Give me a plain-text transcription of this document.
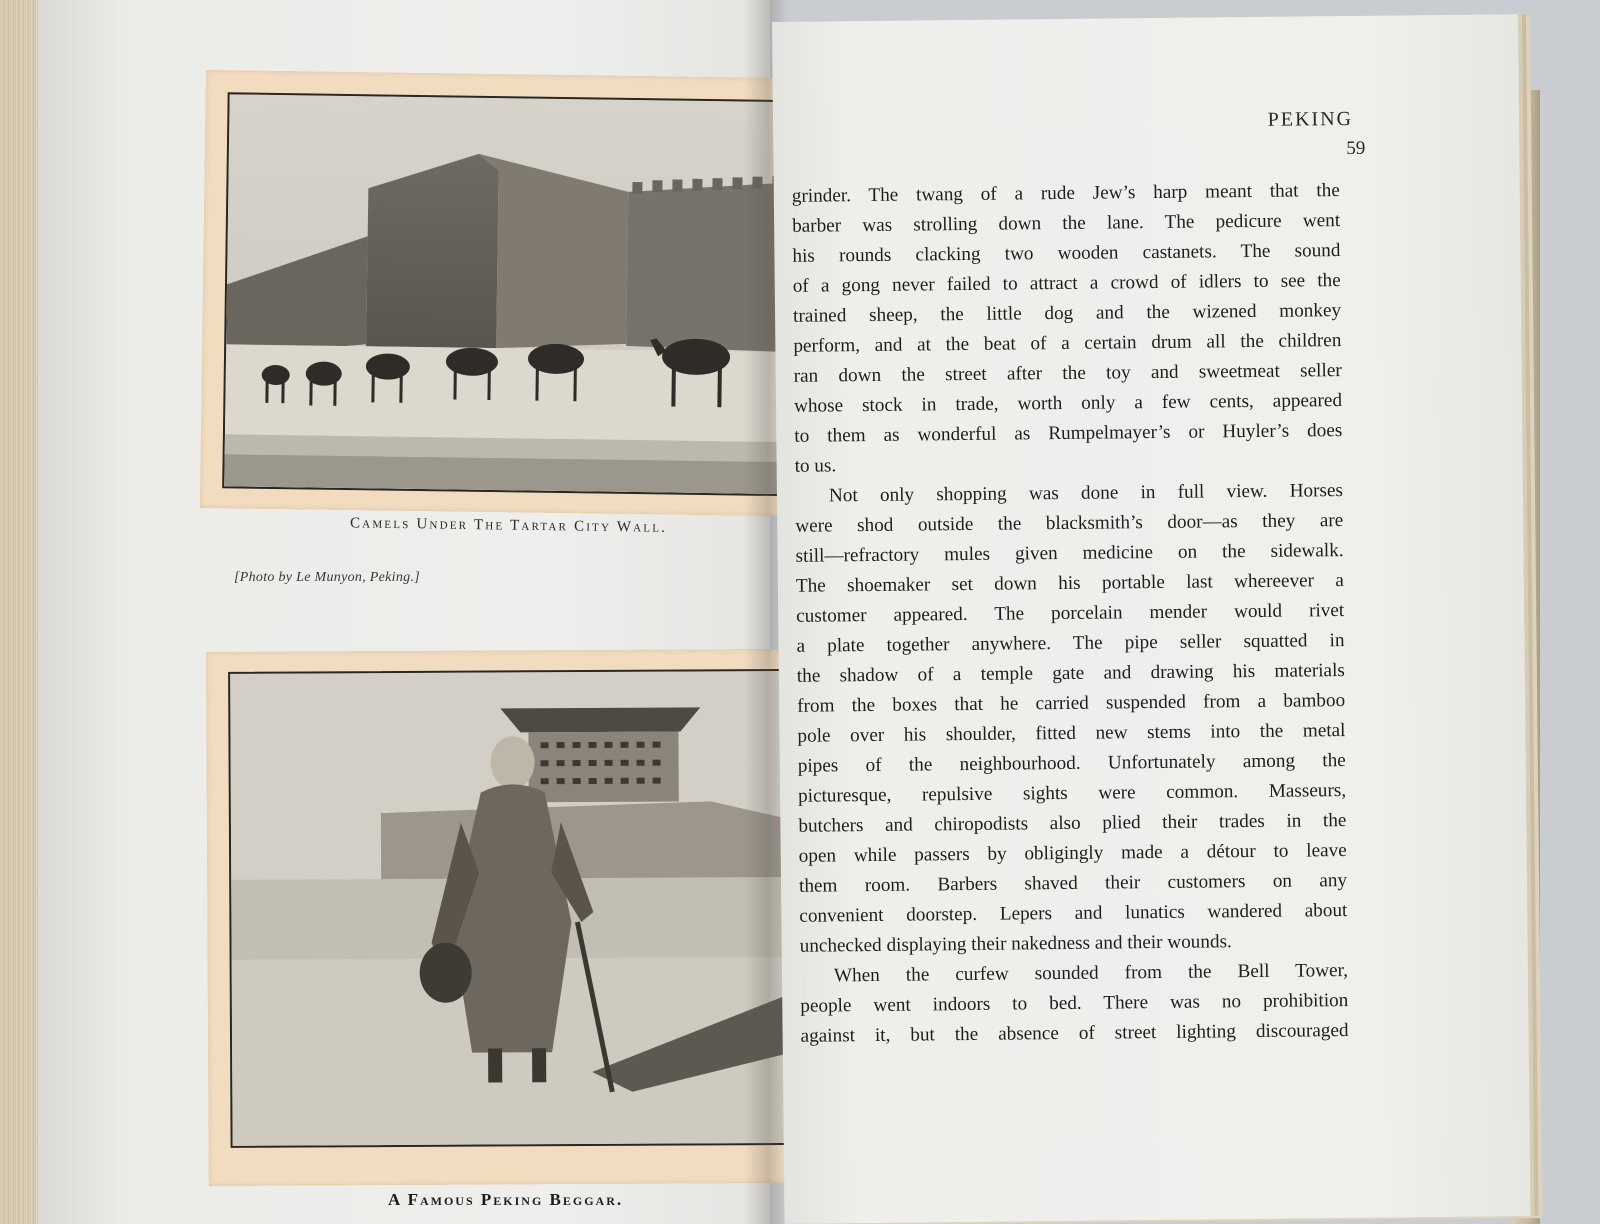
Camels Under The Tartar City Wall.
[Photo by Le Munyon, Peking.]
A Famous Peking Beggar.
PEKING
59
grinder. The twang of a rude Jew’s harp meant that the
barber was strolling down the lane. The pedicure went
his rounds clacking two wooden castanets. The sound
of a gong never failed to attract a crowd of idlers to see the
trained sheep, the little dog and the wizened monkey
perform, and at the beat of a certain drum all the children
ran down the street after the toy and sweetmeat seller
whose stock in trade, worth only a few cents, appeared
to them as wonderful as Rumpelmayer’s or Huyler’s does
to us.
Not only shopping was done in full view. Horses
were shod outside the blacksmith’s door—as they are
still—refractory mules given medicine on the sidewalk.
The shoemaker set down his portable last whereever a
customer appeared. The porcelain mender would rivet
a plate together anywhere. The pipe seller squatted in
the shadow of a temple gate and drawing his materials
from the boxes that he carried suspended from a bamboo
pole over his shoulder, fitted new stems into the metal
pipes of the neighbourhood. Unfortunately among the
picturesque, repulsive sights were common. Masseurs,
butchers and chiropodists also plied their trades in the
open while passers by obligingly made a détour to leave
them room. Barbers shaved their customers on any
convenient doorstep. Lepers and lunatics wandered about
unchecked displaying their nakedness and their wounds.
When the curfew sounded from the Bell Tower,
people went indoors to bed. There was no prohibition
against it, but the absence of street lighting discouraged
